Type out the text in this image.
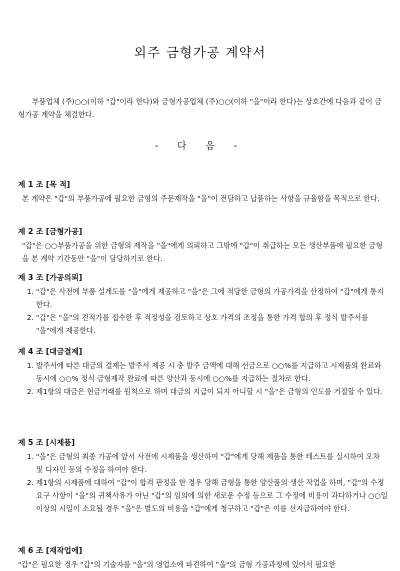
외주 금형가공 계약서
부품업체 (주)○○(이하 "갑"이라 한다)와 금형가공업체 (주)○○(이하 "을"이라 한다)는 상호간에 다음과 같이 금형가공 계약을 체결한다.
- 다 음 -
제 1 조 [목 적]
본 계약은 "갑"의 부품가공에 필요한 금형의 주문제작을 "을"이 전담하고 납품하는 사항을 규율함을 목적으로 한다.
제 2 조 [금형가공]
"갑"은 ○○부품가공을 위한 금형의 제작을 "을"에게 의뢰하고 그밖에 "갑"이 취급하는 모든 생산부품에 필요한 금형을 본 계약 기간동안 "을"이 담당하기로 한다.
제 3 조 [가공의뢰]
1. "갑"은 사전에 부품 설계도를 "을"에게 제공하고 "을"은 그에 적당한 금형의 가공가격을 산정하여 "갑"에게 통지한다.
2. "갑"은 "을"의 견적가를 접수한 후 적정성을 검토하고 상호 가격의 조정을 통한 가격 합의 후 정식 발주서를 "을"에게 제공한다.
제 4 조 [대금결제]
1. 발주서에 따른 대금의 결제는 발주서 제공 시 총 발주 금액에 대해 선금으로 ○○%를 지급하고 시제품의 완료와 동시에 ○○% 정식 금형제작 완료에 따른 양산과 동시에 ○○%를 지급하는 절차로 한다.
2. 제1항의 대금은 현금거래를 원칙으로 하며 대금의 지급이 되지 아니할 시 "을"은 금형의 인도를 거절할 수 있다.
제 5 조 [시제품]
1. "을"은 금형의 최종 가공에 앞서 사전에 시제품을 생산하여 "갑"에게 당해 제품을 통한 테스트를 실시하여 오차 및 디자인 등의 수정을 하여야 한다.
2. 제1항의 시제품에 대하여 "갑"이 합격 판정을 한 경우 당해 금형을 통한 양산품의 생산 작업을 하며, "갑"의 수정요구 사항이 "을"의 귀책사유가 아닌 "갑"의 임의에 의한 새로운 수정 등으로 그 수정에 비용이 과다하거나 ○○일 이상의 시일이 소요될 경우 "을"은 별도의 비용을 "갑"에게 청구하고 "갑"은 이를 선지급하여야 한다.
제 6 조 [재작업에]
"갑"은 필요한 경우 "갑"의 기술자를 "을"의 영업소에 파견하여 "을"의 금형 가공과정에 있어서 필요한
